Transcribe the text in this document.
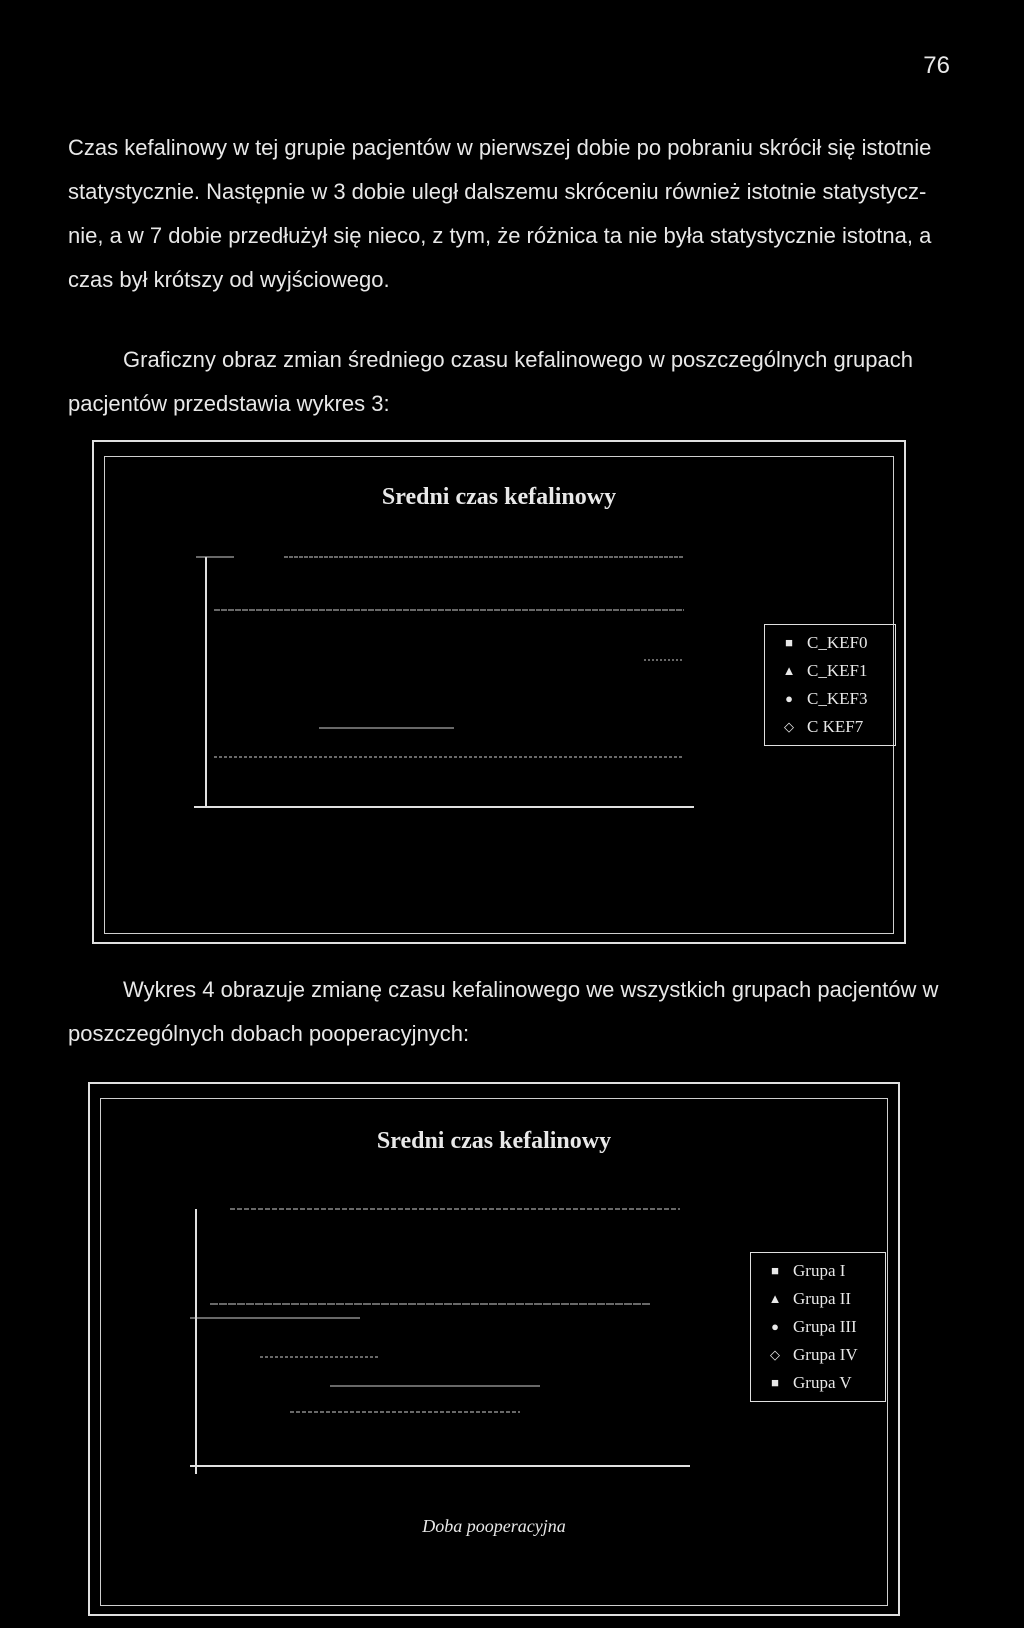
76

Czas kefalinowy w tej grupie pacjentów w pierwszej dobie po pobraniu skrócił się istotnie

statystycznie. Następnie w 3 dobie uległ dalszemu skróceniu również istotnie statystycz-

nie, a w 7 dobie przedłużył się nieco, z tym, że różnica ta nie była statystycznie istotna, a

czas był krótszy od wyjściowego.

Graficzny obraz zmian średniego czasu kefalinowego w poszczególnych grupach

pacjentów przedstawia wykres 3:

Sredni czas kefalinowy
■ C_KEF0
▲ C_KEF1
● C_KEF3
◇ C KEF7

Wykres 4 obrazuje zmianę czasu kefalinowego we wszystkich grupach pacjentów w

poszczególnych dobach pooperacyjnych:

Sredni czas kefalinowy
■ Grupa I
▲ Grupa II
● Grupa III
◇ Grupa IV
■ Grupa V
Doba pooperacyjna
